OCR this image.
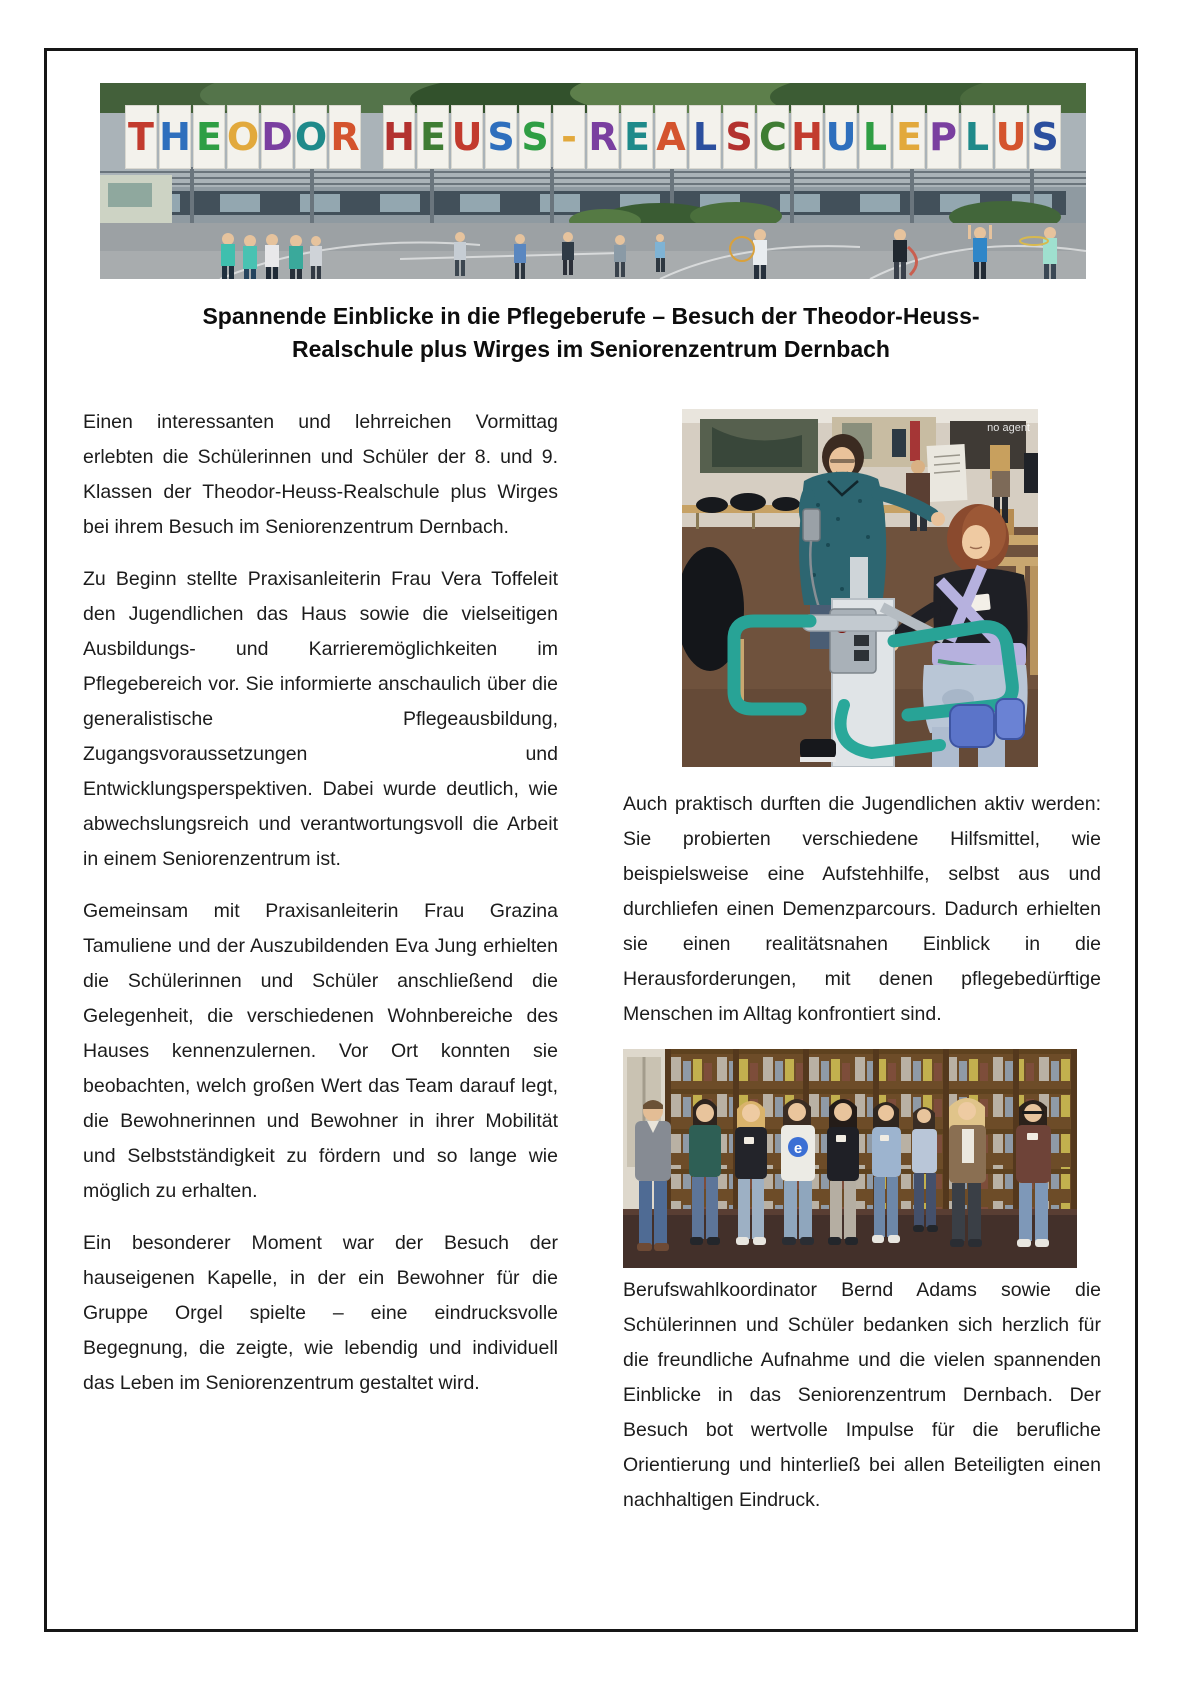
T H E O D O R H E U S S - R E A L S C H U L E P L U S
Spannende Einblicke in die Pflegeberufe – Besuch der Theodor-Heuss-
Realschule plus Wirges im Seniorenzentrum Dernbach

Einen interessanten und lehrreichen Vormittag erlebten die Schülerinnen und Schüler der 8. und 9. Klassen der Theodor-Heuss-Realschule plus Wirges bei ihrem Besuch im Seniorenzentrum Dernbach.

Zu Beginn stellte Praxisanleiterin Frau Vera Toffeleit den Jugendlichen das Haus sowie die vielseitigen Ausbildungs- und Karrieremöglichkeiten im Pflegebereich vor. Sie informierte anschaulich über die generalistische Pflegeausbildung, Zugangsvoraussetzungen und Entwicklungsperspektiven. Dabei wurde deutlich, wie abwechslungsreich und verantwortungsvoll die Arbeit in einem Seniorenzentrum ist.

Gemeinsam mit Praxisanleiterin Frau Grazina Tamuliene und der Auszubildenden Eva Jung erhielten die Schülerinnen und Schüler anschließend die Gelegenheit, die verschiedenen Wohnbereiche des Hauses kennenzulernen. Vor Ort konnten sie beobachten, welch großen Wert das Team darauf legt, die Bewohnerinnen und Bewohner in ihrer Mobilität und Selbstständigkeit zu fördern und so lange wie möglich zu erhalten.

Ein besonderer Moment war der Besuch der hauseigenen Kapelle, in der ein Bewohner für die Gruppe Orgel spielte – eine eindrucksvolle Begegnung, die zeigte, wie lebendig und individuell das Leben im Seniorenzentrum gestaltet wird.

no agent

Auch praktisch durften die Jugendlichen aktiv werden: Sie probierten verschiedene Hilfsmittel, wie beispielsweise eine Aufstehhilfe, selbst aus und durchliefen einen Demenzparcours. Dadurch erhielten sie einen realitätsnahen Einblick in die Herausforderungen, mit denen pflegebedürftige Menschen im Alltag konfrontiert sind.

e

Berufswahlkoordinator Bernd Adams sowie die Schülerinnen und Schüler bedanken sich herzlich für die freundliche Aufnahme und die vielen spannenden Einblicke in das Seniorenzentrum Dernbach. Der Besuch bot wertvolle Impulse für die berufliche Orientierung und hinterließ bei allen Beteiligten einen nachhaltigen Eindruck.
